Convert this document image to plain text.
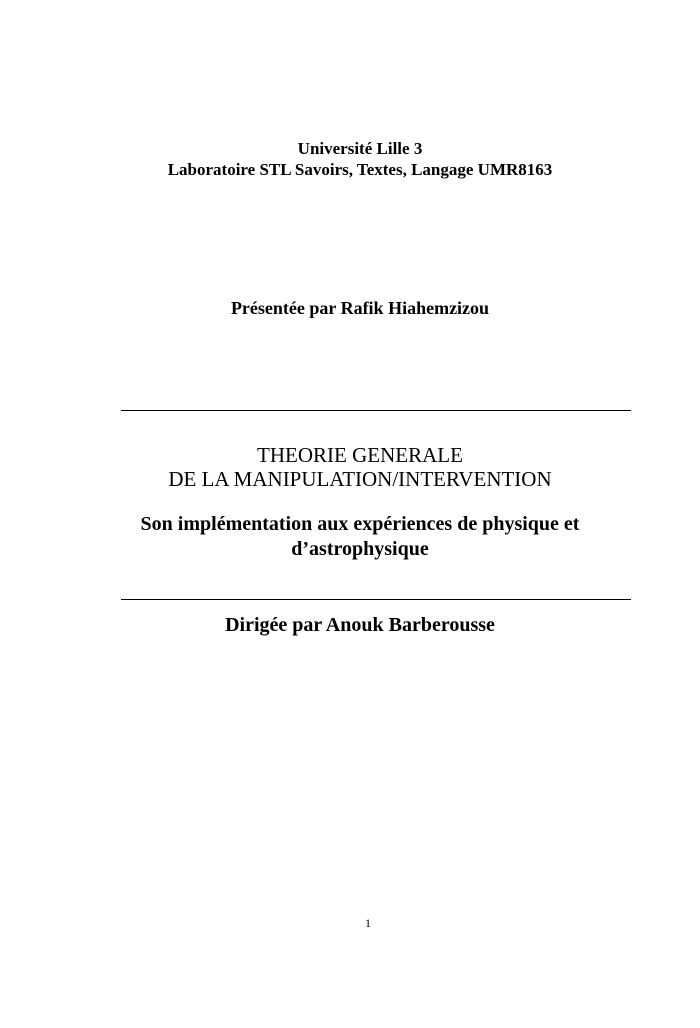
Université Lille 3
Laboratoire STL Savoirs, Textes, Langage UMR8163
Présentée par Rafik Hiahemzizou
THEORIE GENERALE
DE LA MANIPULATION/INTERVENTION
Son implémentation aux expériences de physique et
d’astrophysique
Dirigée par Anouk Barberousse
1
